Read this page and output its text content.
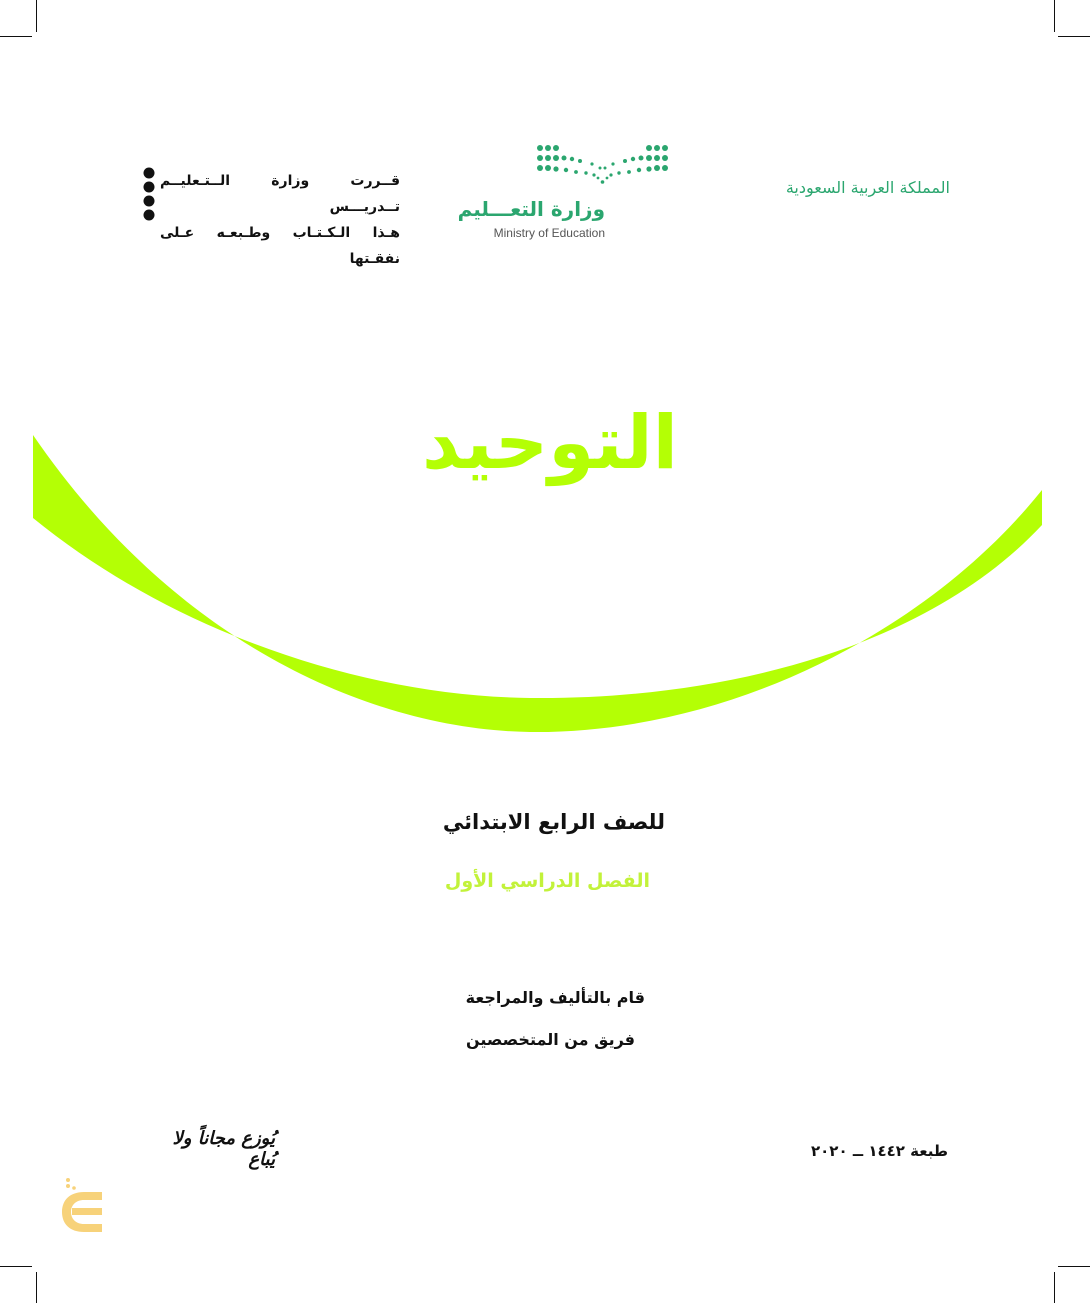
المملكة العربية السعودية
وزارة التعـــليم
Ministry of Education
قــررت وزارة الــتـعليــم تــدريـــس
هـذا الـكـتـاب وطـبعـه عـلى نفقـتها
التوحيد
للصف الرابع الابتدائي
الفصل الدراسي الأول
قام بالتأليف والمراجعة
فريق من المتخصصين
طبعة ١٤٤٢ ــ ٢٠٢٠
يُوزع مجاناً ولا يُباع
